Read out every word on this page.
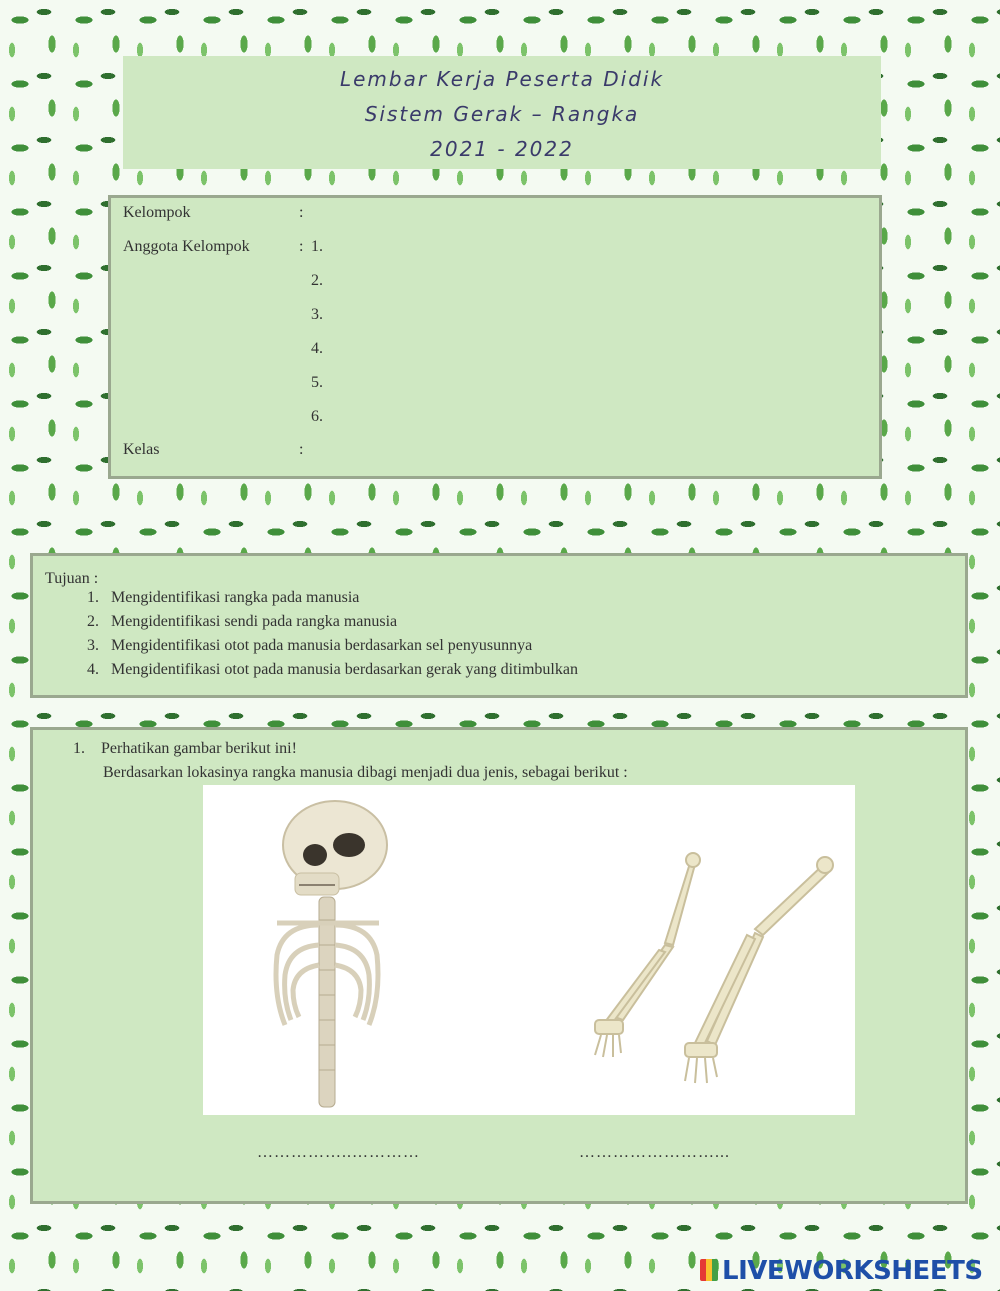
Lembar Kerja Peserta Didik
Sistem Gerak – Rangka
2021 - 2022
Kelompok	:
Anggota Kelompok	: 1.
2.
3.
4.
5.
6.
Kelas	:
Tujuan :
1. Mengidentifikasi rangka pada manusia
2. Mengidentifikasi sendi pada rangka manusia
3. Mengidentifikasi otot pada manusia berdasarkan sel penyusunnya
4. Mengidentifikasi otot pada manusia berdasarkan gerak yang ditimbulkan
1. Perhatikan gambar berikut ini!
Berdasarkan lokasinya rangka manusia dibagi menjadi dua jenis, sebagai berikut :
……………..…………	……………………...
LIVEWORKSHEETS
